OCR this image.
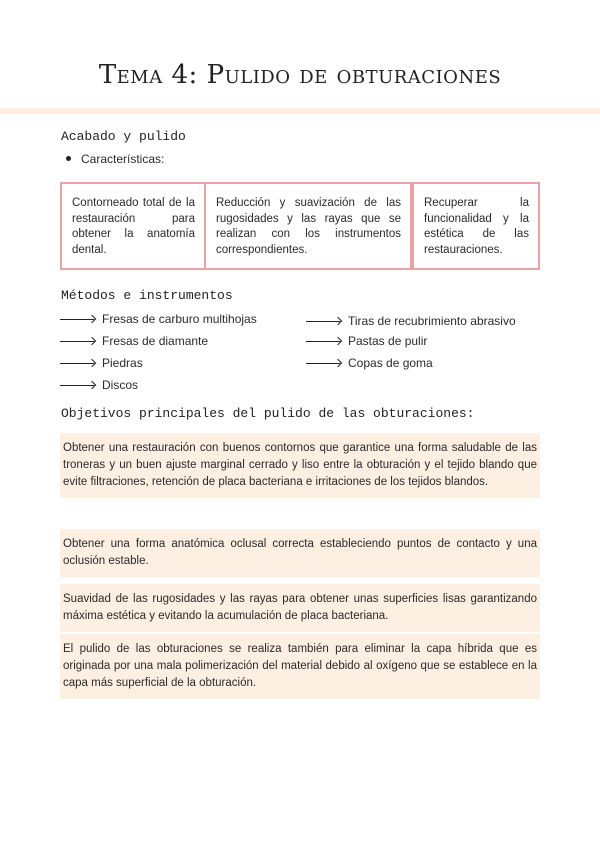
Tema 4: Pulido de obturaciones
Acabado y pulido
Características:
Contorneado total de la restauración para obtener la anatomía dental.
Reducción y suavización de las rugosidades y las rayas que se realizan con los instrumentos correspondientes.
Recuperar la funcionalidad y la estética de las restauraciones.
Métodos e instrumentos
Fresas de carburo multihojas
Fresas de diamante
Piedras
Discos
Tiras de recubrimiento abrasivo
Pastas de pulir
Copas de goma
Objetivos principales del pulido de las obturaciones:
Obtener una restauración con buenos contornos que garantice una forma saludable de las troneras y un buen ajuste marginal cerrado y liso entre la obturación y el tejido blando que evite filtraciones, retención de placa bacteriana e irritaciones de los tejidos blandos.
Obtener una forma anatómica oclusal correcta estableciendo puntos de contacto y una oclusión estable.
Suavidad de las rugosidades y las rayas para obtener unas superficies lisas garantizando máxima estética y evitando la acumulación de placa bacteriana.
El pulido de las obturaciones se realiza también para eliminar la capa híbrida que es originada por una mala polimerización del material debido al oxígeno que se establece en la capa más superficial de la obturación.
